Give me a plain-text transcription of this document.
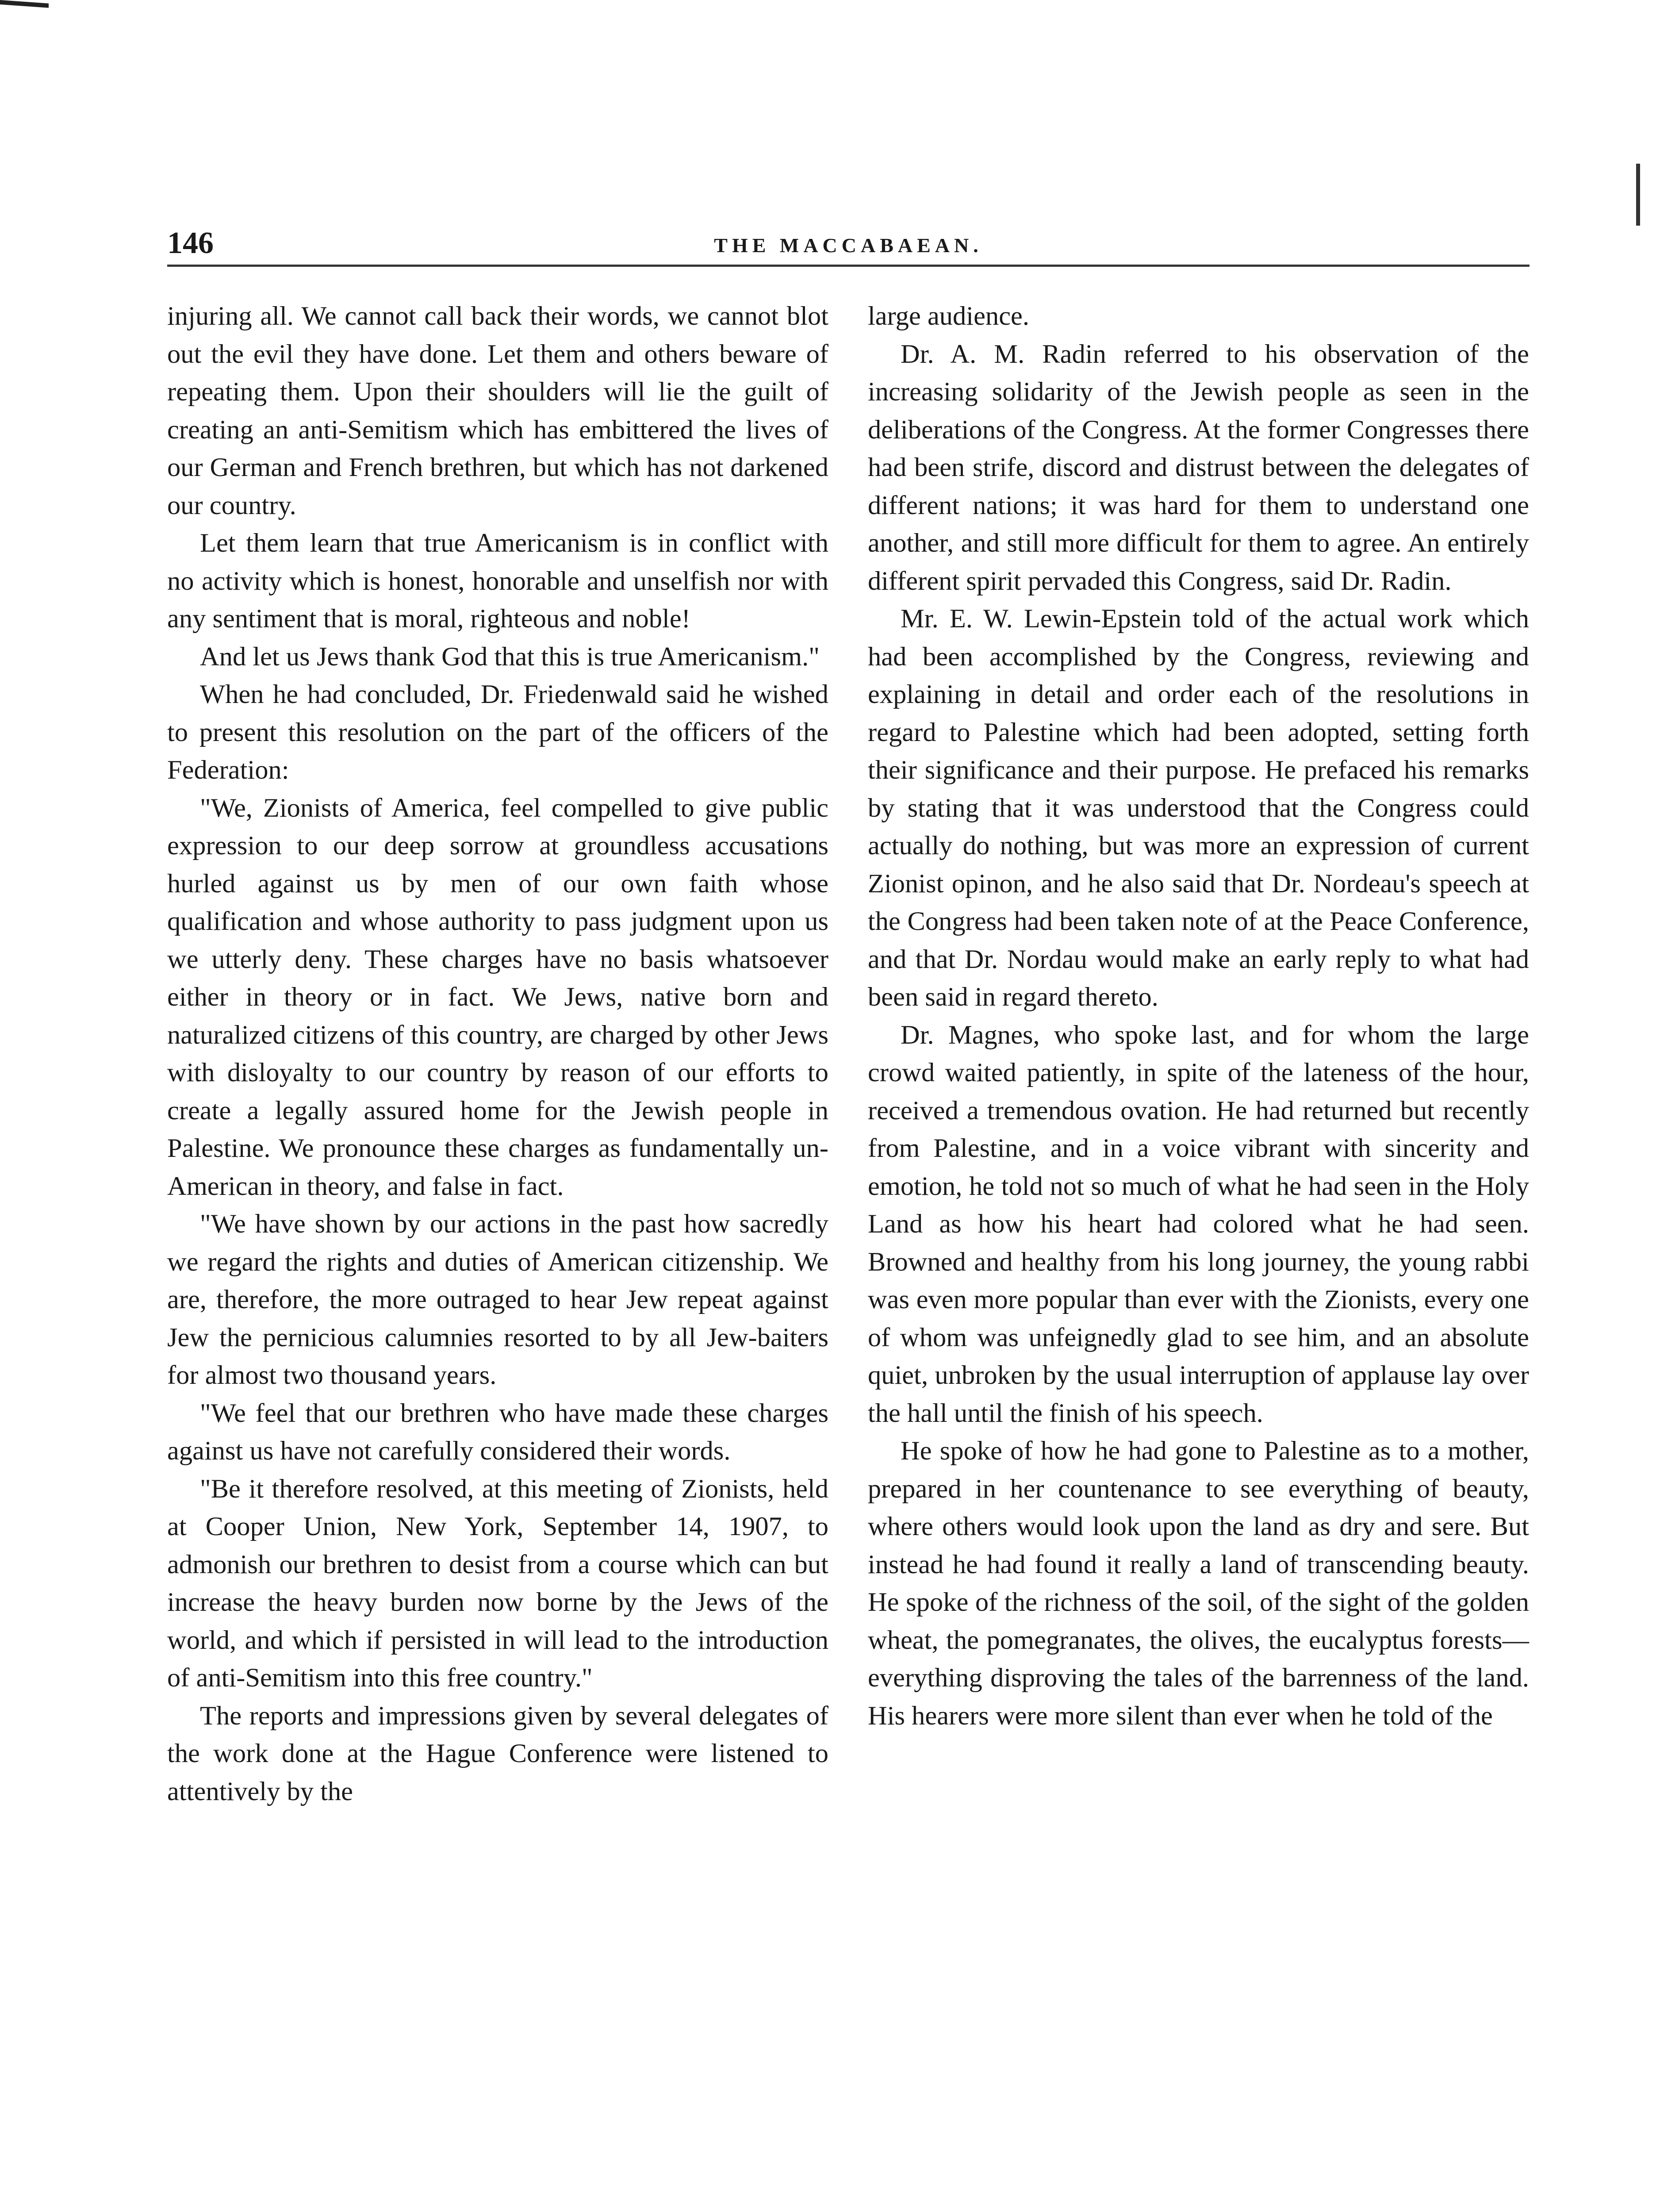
146	THE MACCABAEAN.

injuring all. We cannot call back their words, we cannot blot out the evil they have done. Let them and others beware of repeating them. Upon their shoulders will lie the guilt of creating an anti-Semitism which has embittered the lives of our German and French brethren, but which has not darkened our country.

Let them learn that true Americanism is in conflict with no activity which is honest, honorable and unselfish nor with any sentiment that is moral, righteous and noble!

And let us Jews thank God that this is true Americanism."

When he had concluded, Dr. Friedenwald said he wished to present this resolution on the part of the officers of the Federation:

"We, Zionists of America, feel compelled to give public expression to our deep sorrow at groundless accusations hurled against us by men of our own faith whose qualification and whose authority to pass judgment upon us we utterly deny. These charges have no basis whatsoever either in theory or in fact. We Jews, native born and naturalized citizens of this country, are charged by other Jews with disloyalty to our country by reason of our efforts to create a legally assured home for the Jewish people in Palestine. We pronounce these charges as fundamentally un-American in theory, and false in fact.

"We have shown by our actions in the past how sacredly we regard the rights and duties of American citizenship. We are, therefore, the more outraged to hear Jew repeat against Jew the pernicious calumnies resorted to by all Jew-baiters for almost two thousand years.

"We feel that our brethren who have made these charges against us have not carefully considered their words.

"Be it therefore resolved, at this meeting of Zionists, held at Cooper Union, New York, September 14, 1907, to admonish our brethren to desist from a course which can but increase the heavy burden now borne by the Jews of the world, and which if persisted in will lead to the introduction of anti-Semitism into this free country."

The reports and impressions given by several delegates of the work done at the Hague Conference were listened to attentively by the

large audience.

Dr. A. M. Radin referred to his observation of the increasing solidarity of the Jewish people as seen in the deliberations of the Congress. At the former Congresses there had been strife, discord and distrust between the delegates of different nations; it was hard for them to understand one another, and still more difficult for them to agree. An entirely different spirit pervaded this Congress, said Dr. Radin.

Mr. E. W. Lewin-Epstein told of the actual work which had been accomplished by the Congress, reviewing and explaining in detail and order each of the resolutions in regard to Palestine which had been adopted, setting forth their significance and their purpose. He prefaced his remarks by stating that it was understood that the Congress could actually do nothing, but was more an expression of current Zionist opinon, and he also said that Dr. Nordeau's speech at the Congress had been taken note of at the Peace Conference, and that Dr. Nordau would make an early reply to what had been said in regard thereto.

Dr. Magnes, who spoke last, and for whom the large crowd waited patiently, in spite of the lateness of the hour, received a tremendous ovation. He had returned but recently from Palestine, and in a voice vibrant with sincerity and emotion, he told not so much of what he had seen in the Holy Land as how his heart had colored what he had seen. Browned and healthy from his long journey, the young rabbi was even more popular than ever with the Zionists, every one of whom was unfeignedly glad to see him, and an absolute quiet, unbroken by the usual interruption of applause lay over the hall until the finish of his speech.

He spoke of how he had gone to Palestine as to a mother, prepared in her countenance to see everything of beauty, where others would look upon the land as dry and sere. But instead he had found it really a land of transcending beauty. He spoke of the richness of the soil, of the sight of the golden wheat, the pomegranates, the olives, the eucalyptus forests—everything disproving the tales of the barrenness of the land. His hearers were more silent than ever when he told of the
